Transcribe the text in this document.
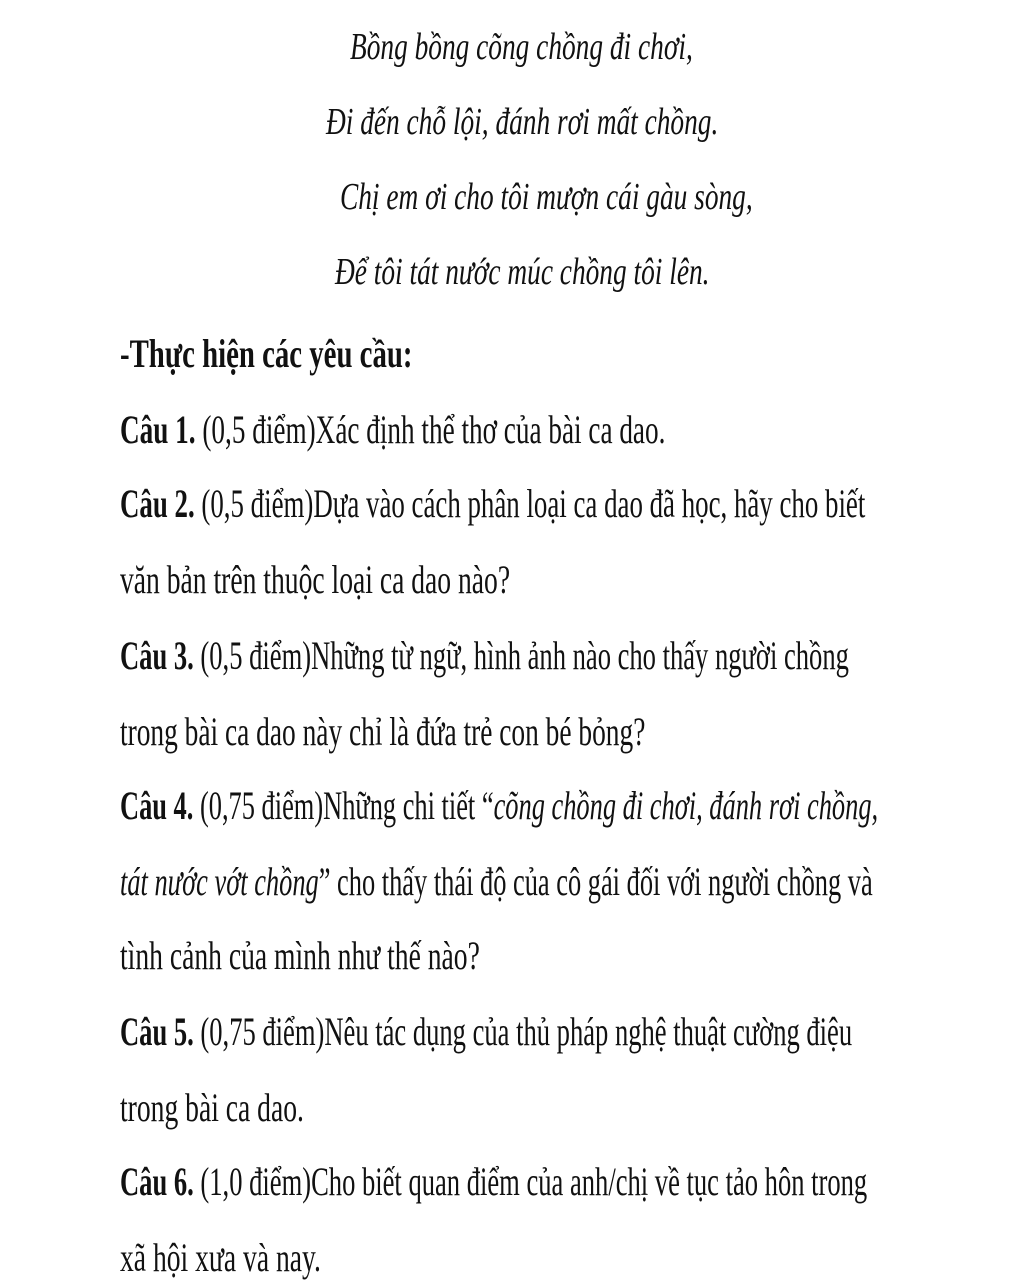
Bồng bồng cõng chồng đi chơi,
Đi đến chỗ lội, đánh rơi mất chồng.
Chị em ơi cho tôi mượn cái gàu sòng,
Để tôi tát nước múc chồng tôi lên.
-Thực hiện các yêu cầu:
Câu 1. (0,5 điểm)Xác định thể thơ của bài ca dao.
Câu 2. (0,5 điểm)Dựa vào cách phân loại ca dao đã học, hãy cho biết
văn bản trên thuộc loại ca dao nào?
Câu 3. (0,5 điểm)Những từ ngữ, hình ảnh nào cho thấy người chồng
trong bài ca dao này chỉ là đứa trẻ con bé bỏng?
Câu 4. (0,75 điểm)Những chi tiết “cõng chồng đi chơi, đánh rơi chồng,
tát nước vớt chồng” cho thấy thái độ của cô gái đối với người chồng và
tình cảnh của mình như thế nào?
Câu 5. (0,75 điểm)Nêu tác dụng của thủ pháp nghệ thuật cường điệu
trong bài ca dao.
Câu 6. (1,0 điểm)Cho biết quan điểm của anh/chị về tục tảo hôn trong
xã hội xưa và nay.
